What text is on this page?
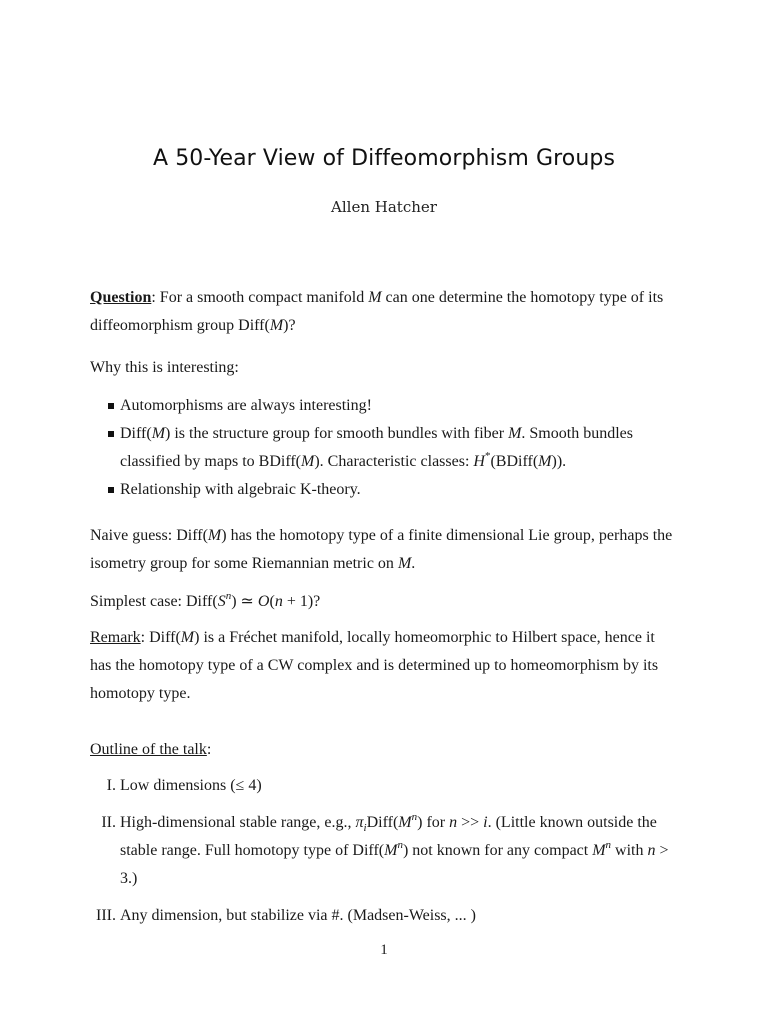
A 50-Year View of Diffeomorphism Groups
Allen Hatcher

Question: For a smooth compact manifold M can one determine the homotopy type of its diffeomorphism group Diff(M)?

Why this is interesting:

Automorphisms are always interesting!
Diff(M) is the structure group for smooth bundles with fiber M. Smooth bundles classified by maps to BDiff(M). Characteristic classes: H*(BDiff(M)).
Relationship with algebraic K-theory.

Naive guess: Diff(M) has the homotopy type of a finite dimensional Lie group, perhaps the isometry group for some Riemannian metric on M.

Simplest case: $Diff(S^n)$ ≃ O(n + 1)?

Remark: Diff(M) is a Fréchet manifold, locally homeomorphic to Hilbert space, hence it has the homotopy type of a CW complex and is determined up to homeomorphism by its homotopy type.

Outline of the talk:

I. Low dimensions (≤ 4)
II. High-dimensional stable range, e.g., $\pi_iDiff(M^n)$ for n >> i. (Little known outside the stable range. Full homotopy type of $Diff(M^n)$ not known for any compact $M^n$ with n > 3.)
III. Any dimension, but stabilize via #. (Madsen-Weiss, ... )
1
